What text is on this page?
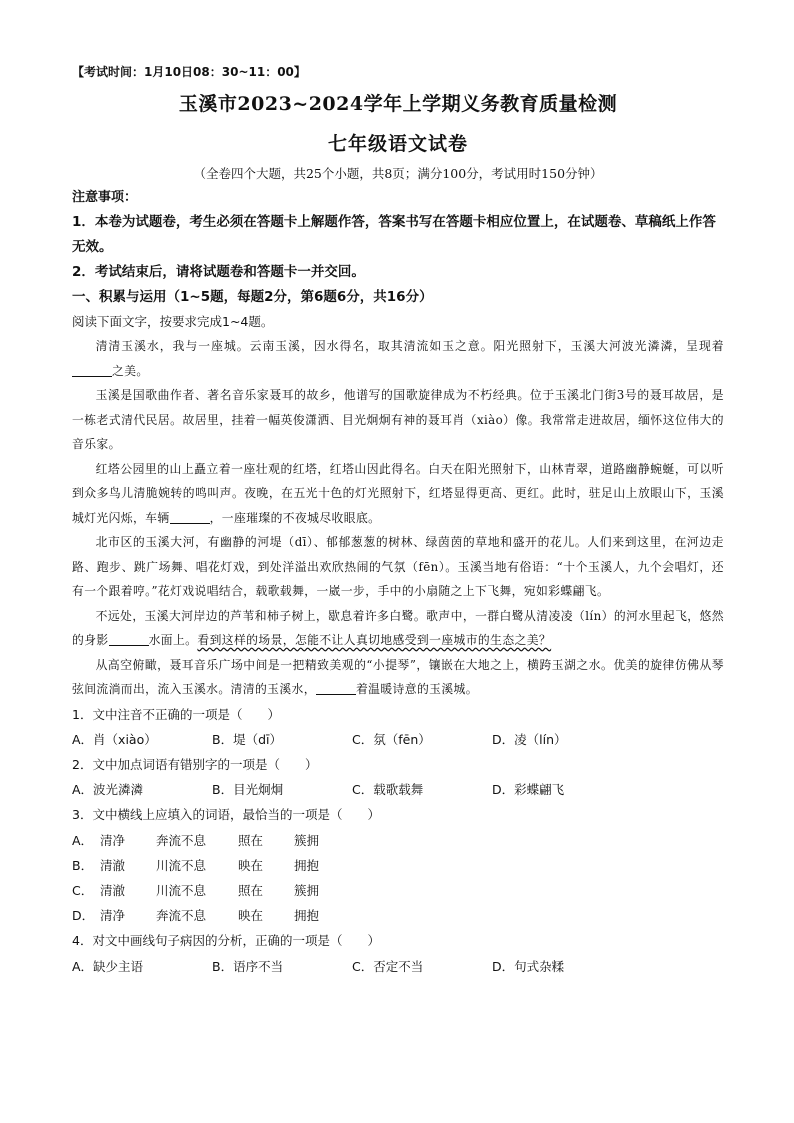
【考试时间：1月10日08：30~11：00】
玉溪市2023~2024学年上学期义务教育质量检测
七年级语文试卷
（全卷四个大题，共25个小题，共8页；满分100分，考试用时150分钟）
注意事项：
1．本卷为试题卷，考生必须在答题卡上解题作答，答案书写在答题卡相应位置上，在试题卷、草稿纸上作答无效。
2．考试结束后，请将试题卷和答题卡一并交回。
一、积累与运用（1~5题，每题2分，第6题6分，共16分）
阅读下面文字，按要求完成1~4题。
清清玉溪水，我与一座城。云南玉溪，因水得名，取其清流如玉之意。阳光照射下，玉溪大河波光潾潾，呈现着之美。
玉溪是国歌曲作者、著名音乐家聂耳的故乡，他谱写的国歌旋律成为不朽经典。位于玉溪北门街3号的聂耳故居，是一栋老式清代民居。故居里，挂着一幅英俊潇洒、目光炯炯有神的聂耳肖（xiào）像。我常常走进故居，缅怀这位伟大的音乐家。
红塔公园里的山上矗立着一座壮观的红塔，红塔山因此得名。白天在阳光照射下，山林青翠，道路幽静蜿蜒，可以听到众多鸟儿清脆婉转的鸣叫声。夜晚，在五光十色的灯光照射下，红塔显得更高、更红。此时，驻足山上放眼山下，玉溪城灯光闪烁，车辆	，一座璀璨的不夜城尽收眼底。
北市区的玉溪大河，有幽静的河堤（dī）、郁郁葱葱的树林、绿茵茵的草地和盛开的花儿。人们来到这里，在河边走路、跑步、跳广场舞、唱花灯戏，到处洋溢出欢欣热闹的气氛（fēn）。玉溪当地有俗语：“十个玉溪人，九个会唱灯，还有一个跟着哼。”花灯戏说唱结合，载歌载舞，一崴一步，手中的小扇随之上下飞舞，宛如彩蝶翩飞。
不远处，玉溪大河岸边的芦苇和柿子树上，歇息着许多白鹭。歌声中，一群白鹭从清凌凌（lín）的河水里起飞，悠然的身影	水面上。看到这样的场景，怎能不让人真切地感受到一座城市的生态之美？
从高空俯瞰，聂耳音乐广场中间是一把精致美观的“小提琴”，镶嵌在大地之上，横跨玉湖之水。优美的旋律仿佛从琴弦间流淌而出，流入玉溪水。清清的玉溪水，	着温暖诗意的玉溪城。
1．文中注音不正确的一项是（　　）
A．肖（xiào）	B．堤（dī）	C．氛（fēn）	D．凌（lín）
2．文中加点词语有错别字的一项是（　　）
A．波光潾潾	B．目光炯炯	C．载歌载舞	D．彩蝶翩飞
3．文中横线上应填入的词语，最恰当的一项是（　　）
A． 清净	奔流不息	照在	簇拥
B． 清澈	川流不息	映在	拥抱
C． 清澈	川流不息	照在	簇拥
D． 清净	奔流不息	映在	拥抱
4．对文中画线句子病因的分析，正确的一项是（　　）
A．缺少主语	B．语序不当	C．否定不当	D．句式杂糅
